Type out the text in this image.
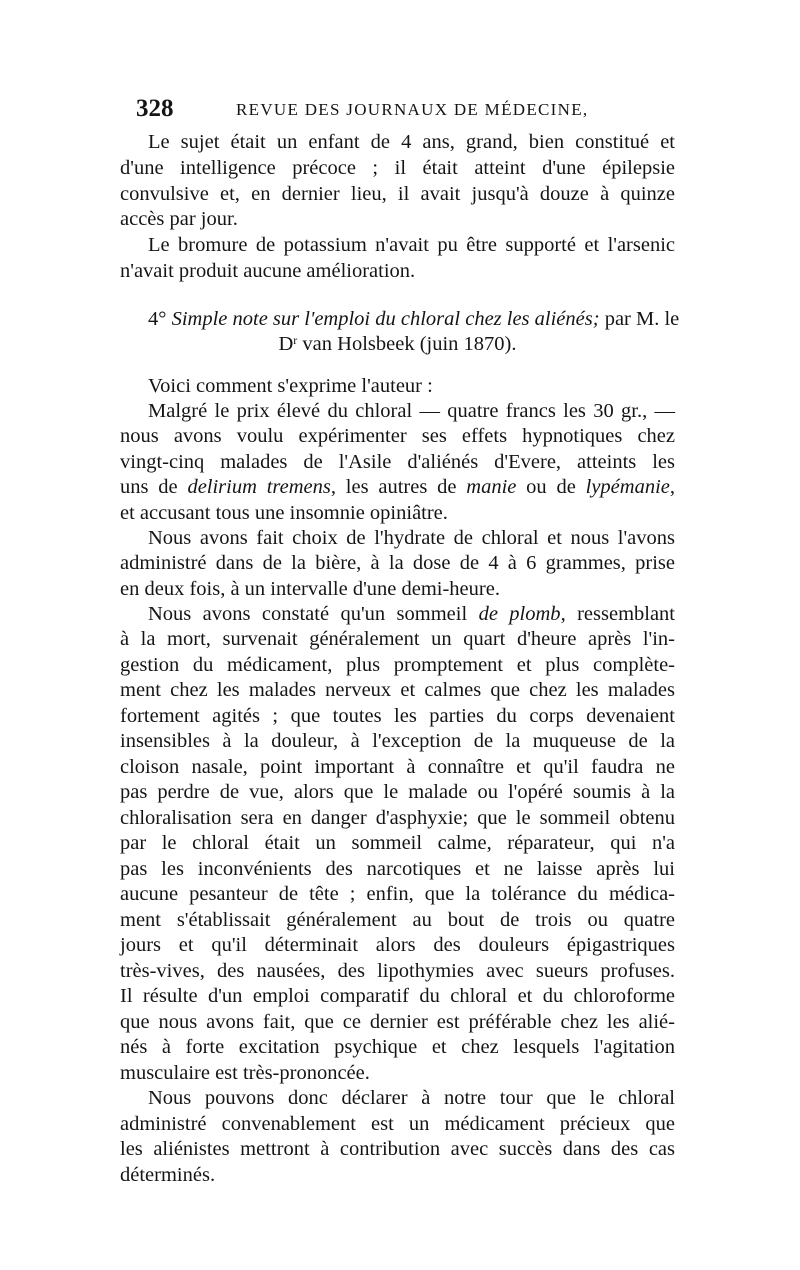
328	REVUE DES JOURNAUX DE MÉDECINE,
Le sujet était un enfant de 4 ans, grand, bien constitué et
d'une intelligence précoce ; il était atteint d'une épilepsie
convulsive et, en dernier lieu, il avait jusqu'à douze à quinze
accès par jour.
Le bromure de potassium n'avait pu être supporté et l'arsenic
n'avait produit aucune amélioration.
4° Simple note sur l'emploi du chloral chez les aliénés; par M. le
$D^r$ van Holsbeek (juin 1870).
Voici comment s'exprime l'auteur :
Malgré le prix élevé du chloral — quatre francs les 30 gr., —
nous avons voulu expérimenter ses effets hypnotiques chez
vingt-cinq malades de l'Asile d'aliénés d'Evere, atteints les
uns de delirium tremens, les autres de manie ou de lypémanie,
et accusant tous une insomnie opiniâtre.
Nous avons fait choix de l'hydrate de chloral et nous l'avons
administré dans de la bière, à la dose de 4 à 6 grammes, prise
en deux fois, à un intervalle d'une demi-heure.
Nous avons constaté qu'un sommeil de plomb, ressemblant
à la mort, survenait généralement un quart d'heure après l'in-
gestion du médicament, plus promptement et plus complète-
ment chez les malades nerveux et calmes que chez les malades
fortement agités ; que toutes les parties du corps devenaient
insensibles à la douleur, à l'exception de la muqueuse de la
cloison nasale, point important à connaître et qu'il faudra ne
pas perdre de vue, alors que le malade ou l'opéré soumis à la
chloralisation sera en danger d'asphyxie; que le sommeil obtenu
par le chloral était un sommeil calme, réparateur, qui n'a
pas les inconvénients des narcotiques et ne laisse après lui
aucune pesanteur de tête ; enfin, que la tolérance du médica-
ment s'établissait généralement au bout de trois ou quatre
jours et qu'il déterminait alors des douleurs épigastriques
très-vives, des nausées, des lipothymies avec sueurs profuses.
Il résulte d'un emploi comparatif du chloral et du chloroforme
que nous avons fait, que ce dernier est préférable chez les alié-
nés à forte excitation psychique et chez lesquels l'agitation
musculaire est très-prononcée.
Nous pouvons donc déclarer à notre tour que le chloral
administré convenablement est un médicament précieux que
les aliénistes mettront à contribution avec succès dans des cas
déterminés.
